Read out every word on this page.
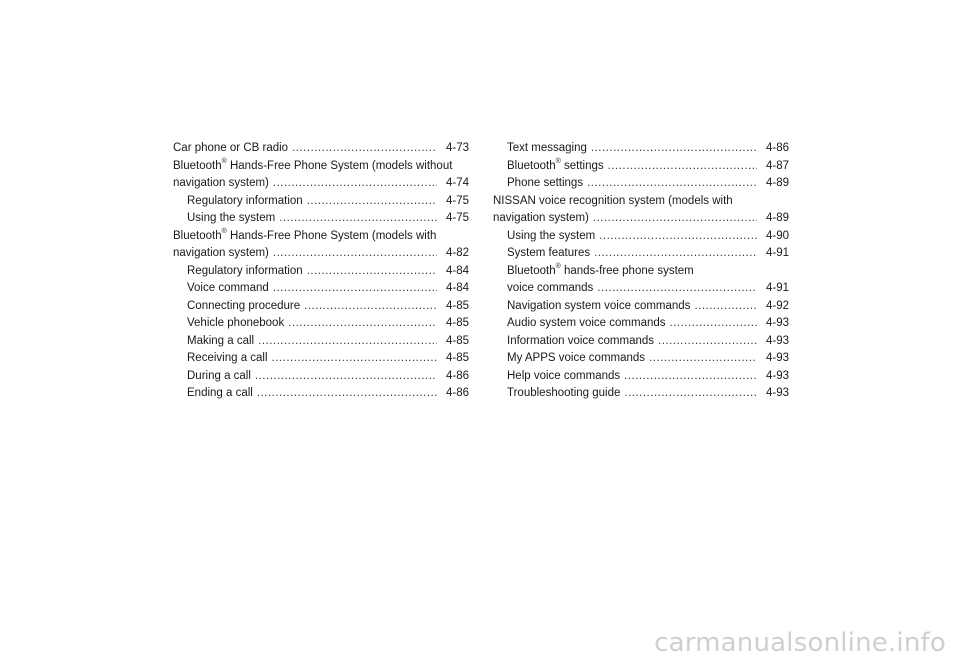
Car phone or CB radio .....	4-73
Bluetooth® Hands-Free Phone System (models without
navigation system) .....	4-74
Regulatory information .....	4-75
Using the system .....	4-75
Bluetooth® Hands-Free Phone System (models with
navigation system) .....	4-82
Regulatory information .....	4-84
Voice command .....	4-84
Connecting procedure .....	4-85
Vehicle phonebook .....	4-85
Making a call .....	4-85
Receiving a call .....	4-85
During a call .....	4-86
Ending a call .....	4-86
Text messaging .....	4-86
Bluetooth® settings .....	4-87
Phone settings .....	4-89
NISSAN voice recognition system (models with
navigation system) .....	4-89
Using the system .....	4-90
System features .....	4-91
Bluetooth® hands-free phone system
voice commands .....	4-91
Navigation system voice commands .....	4-92
Audio system voice commands .....	4-93
Information voice commands .....	4-93
My APPS voice commands .....	4-93
Help voice commands .....	4-93
Troubleshooting guide .....	4-93
carmanualsonline.info
